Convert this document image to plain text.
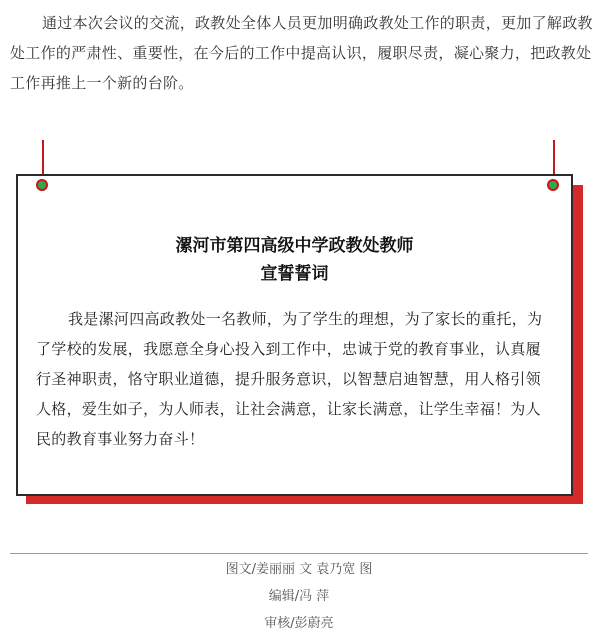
通过本次会议的交流，政教处全体人员更加明确政教处工作的职责，更加了解政教处工作的严肃性、重要性，在今后的工作中提高认识，履职尽责，凝心聚力，把政教处工作再推上一个新的台阶。

漯河市第四高级中学政教处教师
宣誓誓词

我是漯河四高政教处一名教师，为了学生的理想，为了家长的重托，为了学校的发展，我愿意全身心投入到工作中，忠诚于党的教育事业，认真履行圣神职责，恪守职业道德，提升服务意识，以智慧启迪智慧，用人格引领人格，爱生如子，为人师表，让社会满意，让家长满意，让学生幸福！为人民的教育事业努力奋斗！

图文/姜丽丽 文 袁乃宽 图

编辑/冯 萍

审核/彭蔚亮
